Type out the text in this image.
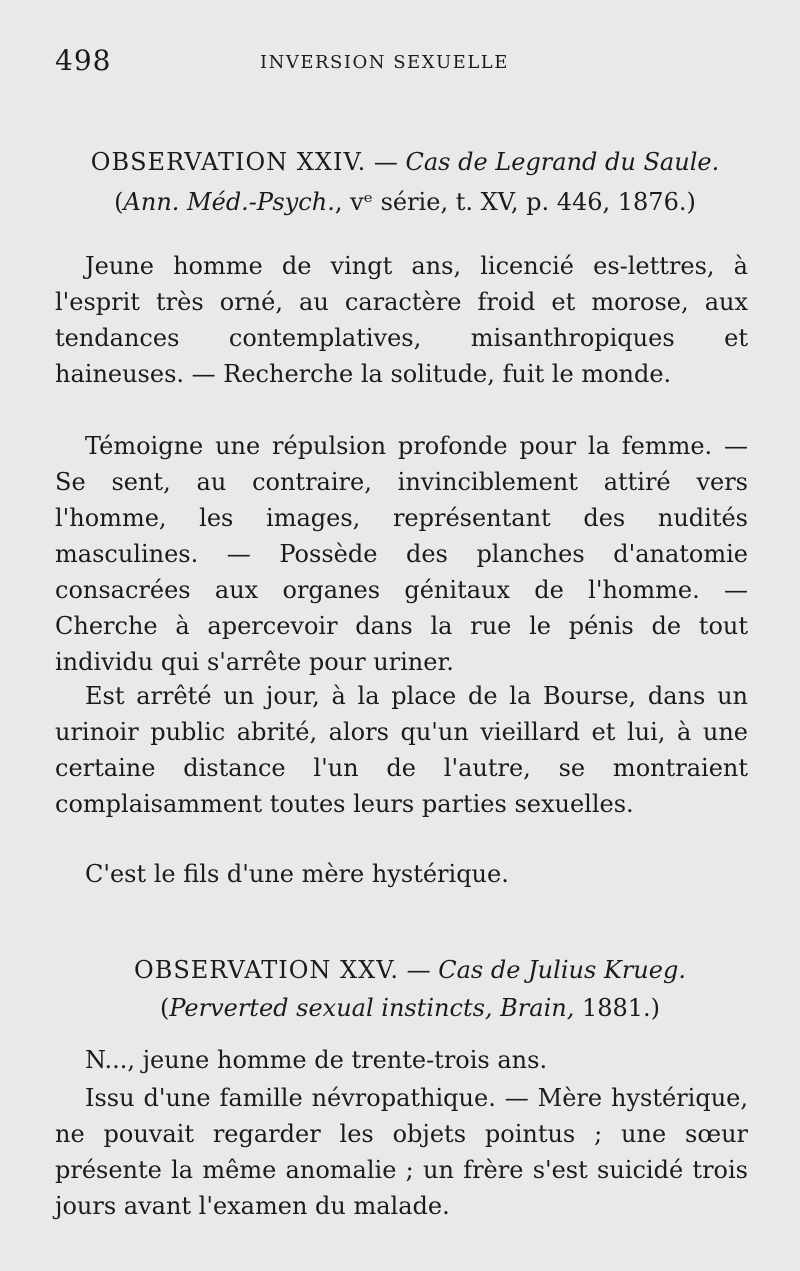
498	INVERSION SEXUELLE
OBSERVATION XXIV. — Cas de Legrand du Saule.
(Ann. Méd.-Psych., vᵉ série, t. XV, p. 446, 1876.)

Jeune homme de vingt ans, licencié es-lettres, à l'esprit très orné, au caractère froid et morose, aux tendances contemplatives, misanthropiques et haineuses. — Recherche la solitude, fuit le monde.

Témoigne une répulsion profonde pour la femme. — Se sent, au contraire, invinciblement attiré vers l'homme, les images, représentant des nudités masculines. — Possède des planches d'anatomie consacrées aux organes génitaux de l'homme. — Cherche à apercevoir dans la rue le pénis de tout individu qui s'arrête pour uriner.

Est arrêté un jour, à la place de la Bourse, dans un urinoir public abrité, alors qu'un vieillard et lui, à une certaine distance l'un de l'autre, se montraient complaisamment toutes leurs parties sexuelles.

C'est le fils d'une mère hystérique.

OBSERVATION XXV. — Cas de Julius Krueg.
(Perverted sexual instincts, Brain, 1881.)

N..., jeune homme de trente-trois ans.

Issu d'une famille névropathique. — Mère hystérique, ne pouvait regarder les objets pointus ; une sœur présente la même anomalie ; un frère s'est suicidé trois jours avant l'examen du malade.
